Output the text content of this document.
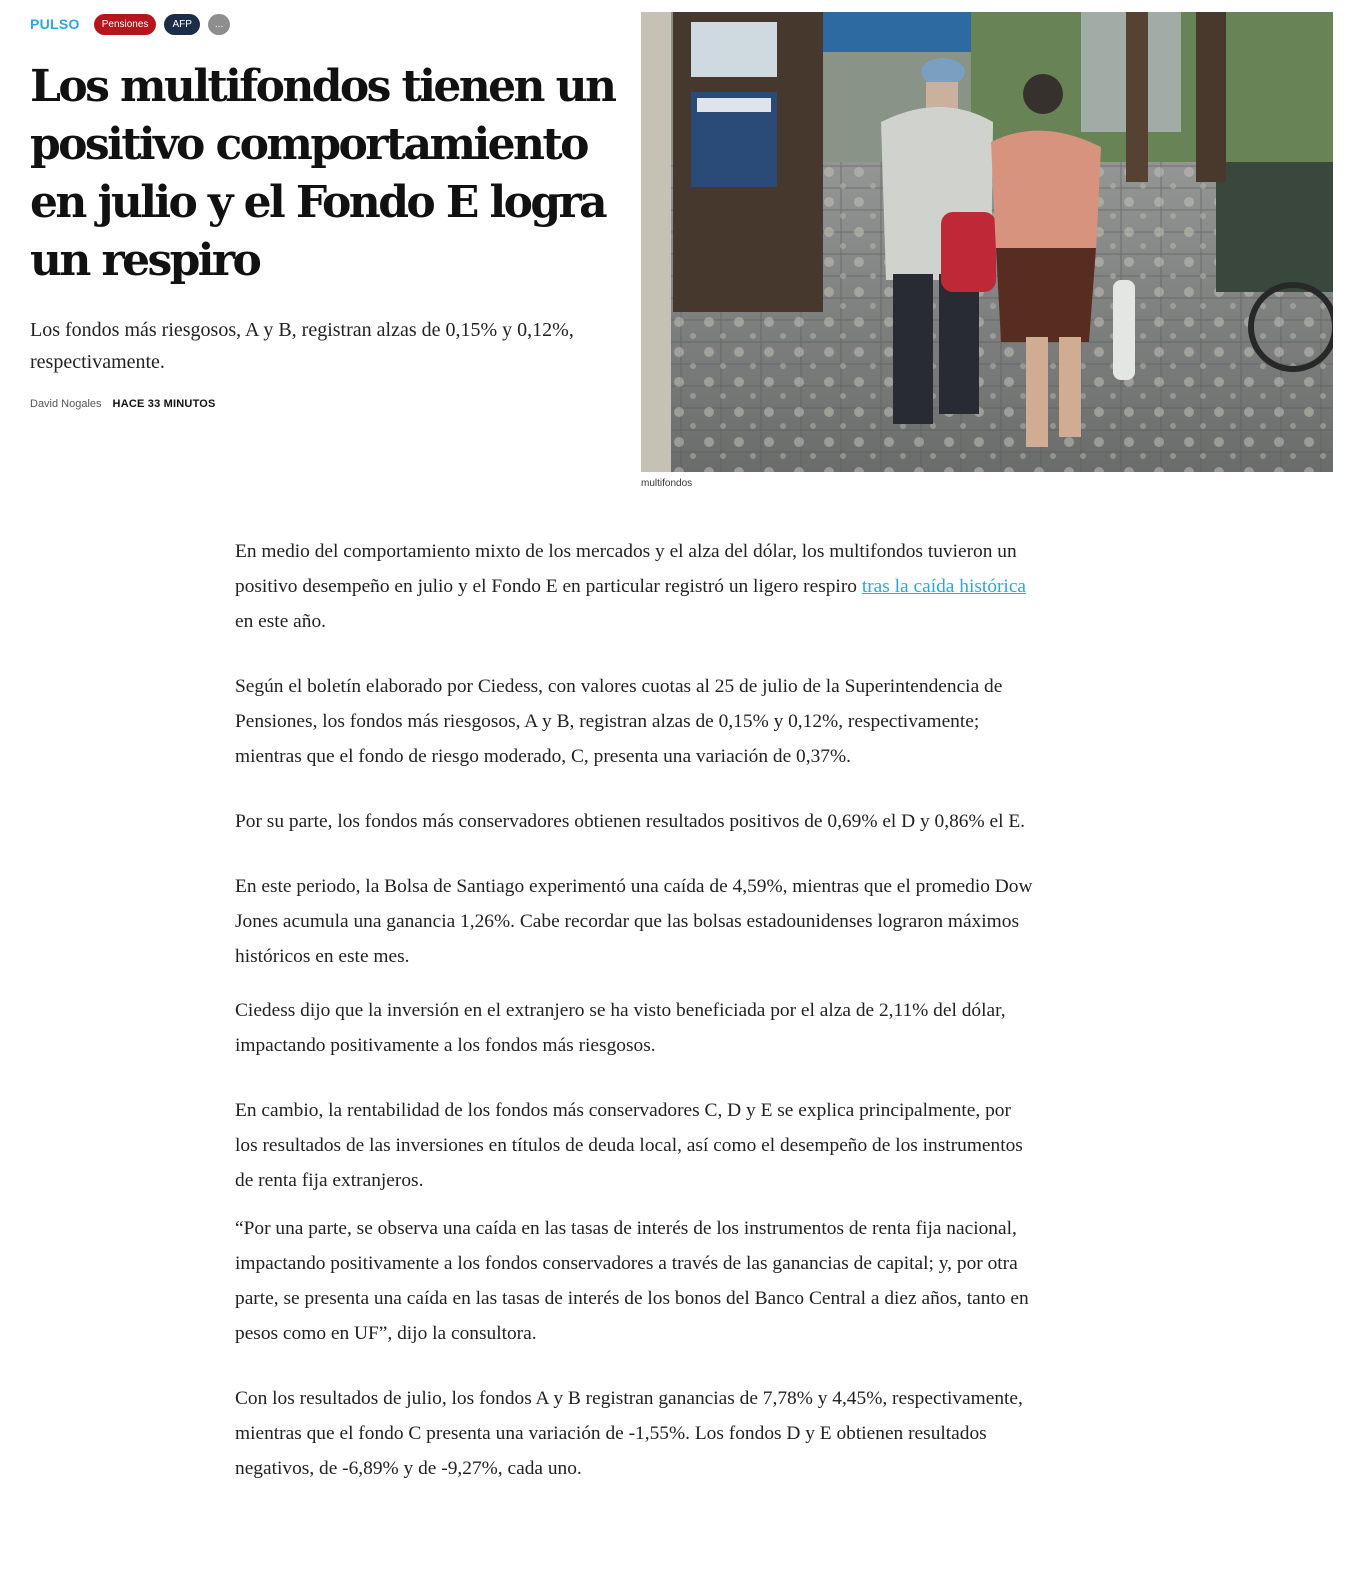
PULSO	Pensiones	AFP	...
Los multifondos tienen un positivo comportamiento en julio y el Fondo E logra un respiro

Los fondos más riesgosos, A y B, registran alzas de 0,15% y 0,12%, respectivamente.

David Nogales HACE 33 MINUTOS
multifondos

En medio del comportamiento mixto de los mercados y el alza del dólar, los multifondos tuvieron un positivo desempeño en julio y el Fondo E en particular registró un ligero respiro tras la caída histórica en este año.

Según el boletín elaborado por Ciedess, con valores cuotas al 25 de julio de la Superintendencia de Pensiones, los fondos más riesgosos, A y B, registran alzas de 0,15% y 0,12%, respectivamente; mientras que el fondo de riesgo moderado, C, presenta una variación de 0,37%.

Por su parte, los fondos más conservadores obtienen resultados positivos de 0,69% el D y 0,86% el E.

En este periodo, la Bolsa de Santiago experimentó una caída de 4,59%, mientras que el promedio Dow Jones acumula una ganancia 1,26%. Cabe recordar que las bolsas estadounidenses lograron máximos históricos en este mes.

Ciedess dijo que la inversión en el extranjero se ha visto beneficiada por el alza de 2,11% del dólar, impactando positivamente a los fondos más riesgosos.

En cambio, la rentabilidad de los fondos más conservadores C, D y E se explica principalmente, por los resultados de las inversiones en títulos de deuda local, así como el desempeño de los instrumentos de renta fija extranjeros.

“Por una parte, se observa una caída en las tasas de interés de los instrumentos de renta fija nacional, impactando positivamente a los fondos conservadores a través de las ganancias de capital; y, por otra parte, se presenta una caída en las tasas de interés de los bonos del Banco Central a diez años, tanto en pesos como en UF”, dijo la consultora.

Con los resultados de julio, los fondos A y B registran ganancias de 7,78% y 4,45%, respectivamente, mientras que el fondo C presenta una variación de -1,55%. Los fondos D y E obtienen resultados negativos, de -6,89% y de -9,27%, cada uno.
